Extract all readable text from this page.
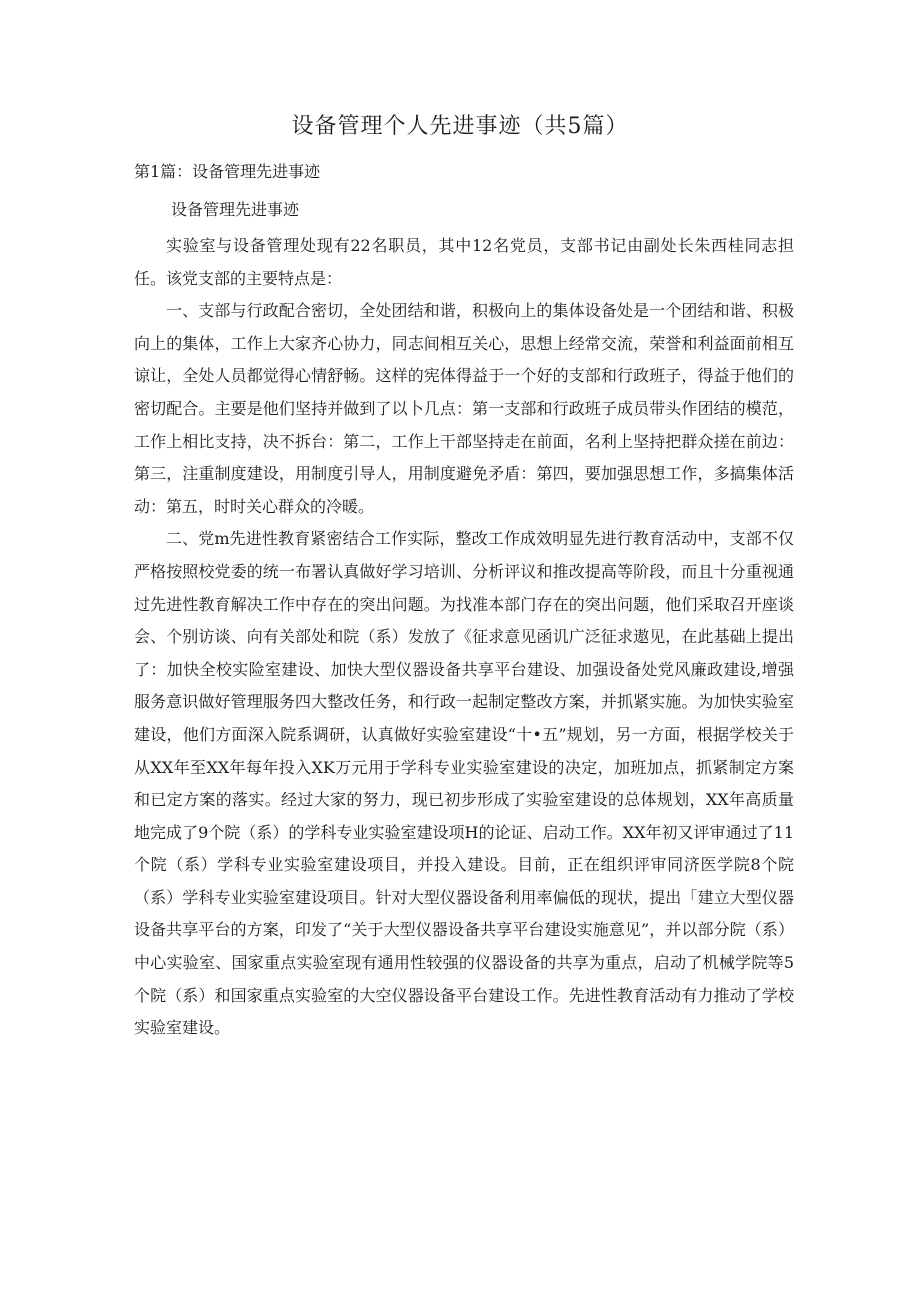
设备管理个人先进事迹（共5篇）
第1篇：设备管理先进事迹
设备管理先进事迹

实验室与设备管理处现有22名职员，其中12名党员，支部书记由副处长朱西桂同志担任。该党支部的主要特点是：

一、支部与行政配合密切，全处团结和谐，积极向上的集体设备处是一个团结和谐、积极向上的集体，工作上大家齐心协力，同志间相互关心，思想上经常交流，荣誉和利益面前相互谅让，全处人员都觉得心情舒畅。这样的宪体得益于一个好的支部和行政班子，得益于他们的密切配合。主要是他们坚持并做到了以卜几点：第一支部和行政班子成员带头作团结的模范，工作上相比支持，决不拆台：第二，工作上干部坚持走在前面，名利上坚持把群众搓在前边：第三，注重制度建设，用制度引导人，用制度避免矛盾：第四，要加强思想工作，多搞集体活动：第五，时时关心群众的冷暖。

二、党m先进性教育紧密结合工作实际，整改工作成效明显先进行教育活动中，支部不仅严格按照校党委的统一布署认真做好学习培训、分析评议和推改提高等阶段，而且十分重视通过先进性教育解决工作中存在的突出问题。为找准本部门存在的突出问题，他们采取召开座谈会、个别访谈、向有关部处和院（系）发放了《征求意见函讥广泛征求遨见，在此基础上提出了：加快全校实险室建设、加快大型仪器设备共享平台建设、加强设备处党风廉政建设,增强服务意识做好管理服务四大整改任务，和行政一起制定整改方案，并抓紧实施。为加快实验室建设，他们方面深入院系调研，认真做好实验室建设“十•五”规划，另一方面，根据学校关于从XX年至XX年每年投入XK万元用于学科专业实验室建设的决定，加班加点，抓紧制定方案和已定方案的落实。经过大家的努力，现已初步形成了实验室建设的总体规划，XX年高质量地完成了9个院（系）的学科专业实验室建设项H的论证、启动工作。XX年初又评审通过了11个院（系）学科专业实验室建设项目，并投入建设。目前，正在组织评审同济医学院8个院（系）学科专业实验室建设项目。针对大型仪器设备利用率偏低的现状，提出「建立大型仪器设备共享平台的方案，印发了“关于大型仪器设备共享平台建设实施意见”，并以部分院（系）中心实验室、国家重点实验室现有通用性较强的仪器设备的共享为重点，启动了机械学院等5个院（系）和国家重点实验室的大空仪器设备平台建设工作。先进性教育活动有力推动了学校实验室建设。
